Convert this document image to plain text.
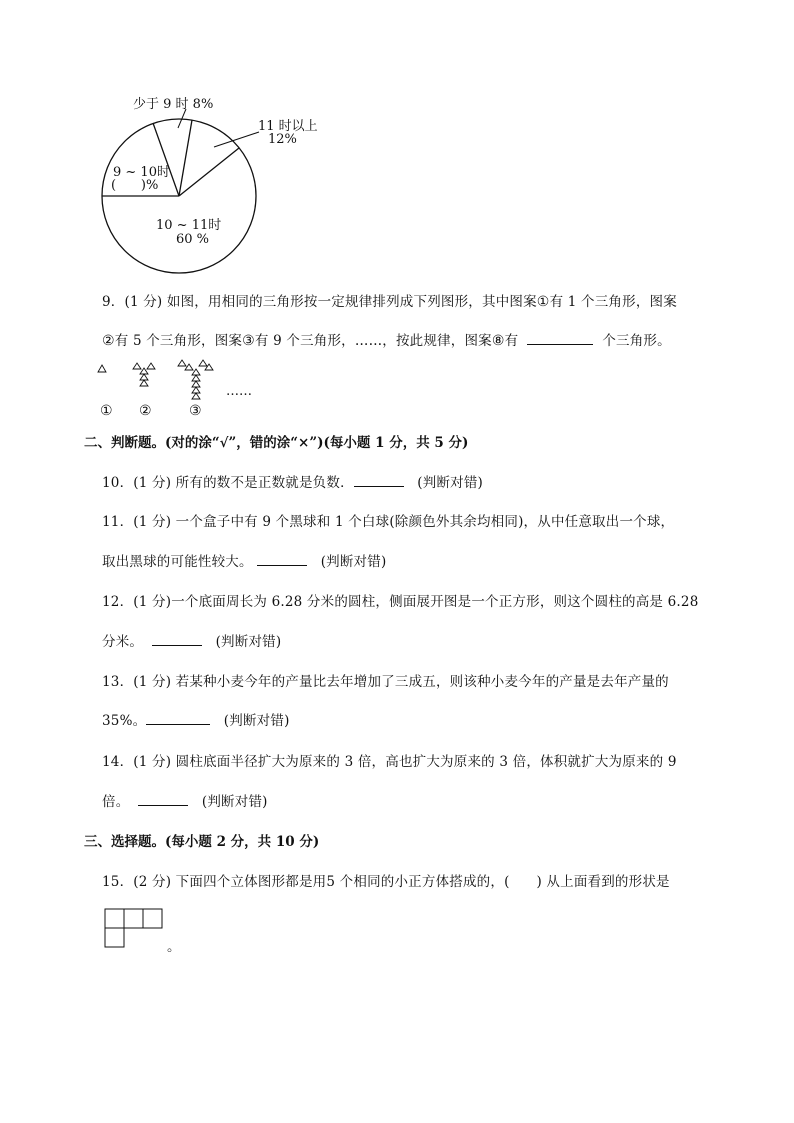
少于 9 时 8%
11 时以上
12%
9 ~ 10时
(      )%
10 ~ 11时
60 %
9．(1 分) 如图，用相同的三角形按一定规律排列成下列图形，其中图案①有 1 个三角形，图案
②有 5 个三角形，图案③有 9 个三角形，……，按此规律，图案⑧有	个三角形。
……
① ②	③
二、判断题。(对的涂“√”，错的涂“×”)(每小题 1 分，共 5 分)
10．(1 分) 所有的数不是正数就是负数．	(判断对错)
11．(1 分) 一个盒子中有 9 个黑球和 1 个白球(除颜色外其余均相同)，从中任意取出一个球，
取出黑球的可能性较大。	(判断对错)
12．(1 分)一个底面周长为 6.28 分米的圆柱，侧面展开图是一个正方形，则这个圆柱的高是 6.28
分米。	(判断对错)
13．(1 分) 若某种小麦今年的产量比去年增加了三成五，则该种小麦今年的产量是去年产量的
35%。	(判断对错)
14．(1 分) 圆柱底面半径扩大为原来的 3 倍，高也扩大为原来的 3 倍，体积就扩大为原来的 9
倍。	(判断对错)
三、选择题。(每小题 2 分，共 10 分)
15．(2 分) 下面四个立体图形都是用5 个相同的小正方体搭成的，(      ) 从上面看到的形状是
。
